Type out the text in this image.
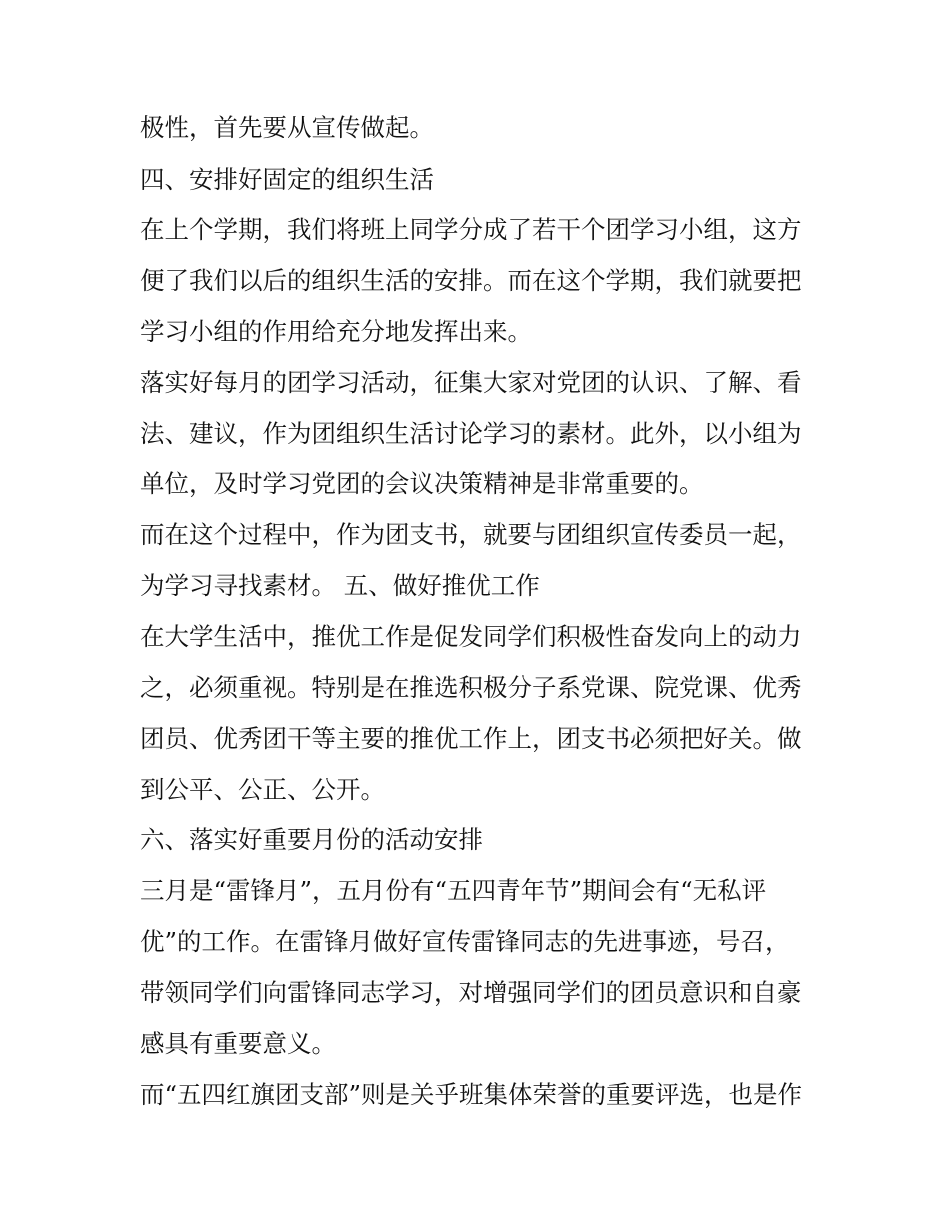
极性，首先要从宣传做起。
四、安排好固定的组织生活
在上个学期，我们将班上同学分成了若干个团学习小组，这方
便了我们以后的组织生活的安排。而在这个学期，我们就要把
学习小组的作用给充分地发挥出来。
落实好每月的团学习活动，征集大家对党团的认识、了解、看
法、建议，作为团组织生活讨论学习的素材。此外，以小组为
单位，及时学习党团的会议决策精神是非常重要的。
而在这个过程中，作为团支书，就要与团组织宣传委员一起，
为学习寻找素材。 五、做好推优工作
在大学生活中，推优工作是促发同学们积极性奋发向上的动力
之，必须重视。特别是在推选积极分子系党课、院党课、优秀
团员、优秀团干等主要的推优工作上，团支书必须把好关。做
到公平、公正、公开。
六、落实好重要月份的活动安排
三月是“雷锋月”，五月份有“五四青年节”期间会有“无私评
优”的工作。在雷锋月做好宣传雷锋同志的先进事迹，号召，
带领同学们向雷锋同志学习，对增强同学们的团员意识和自豪
感具有重要意义。
而“五四红旗团支部”则是关乎班集体荣誉的重要评选，也是作
